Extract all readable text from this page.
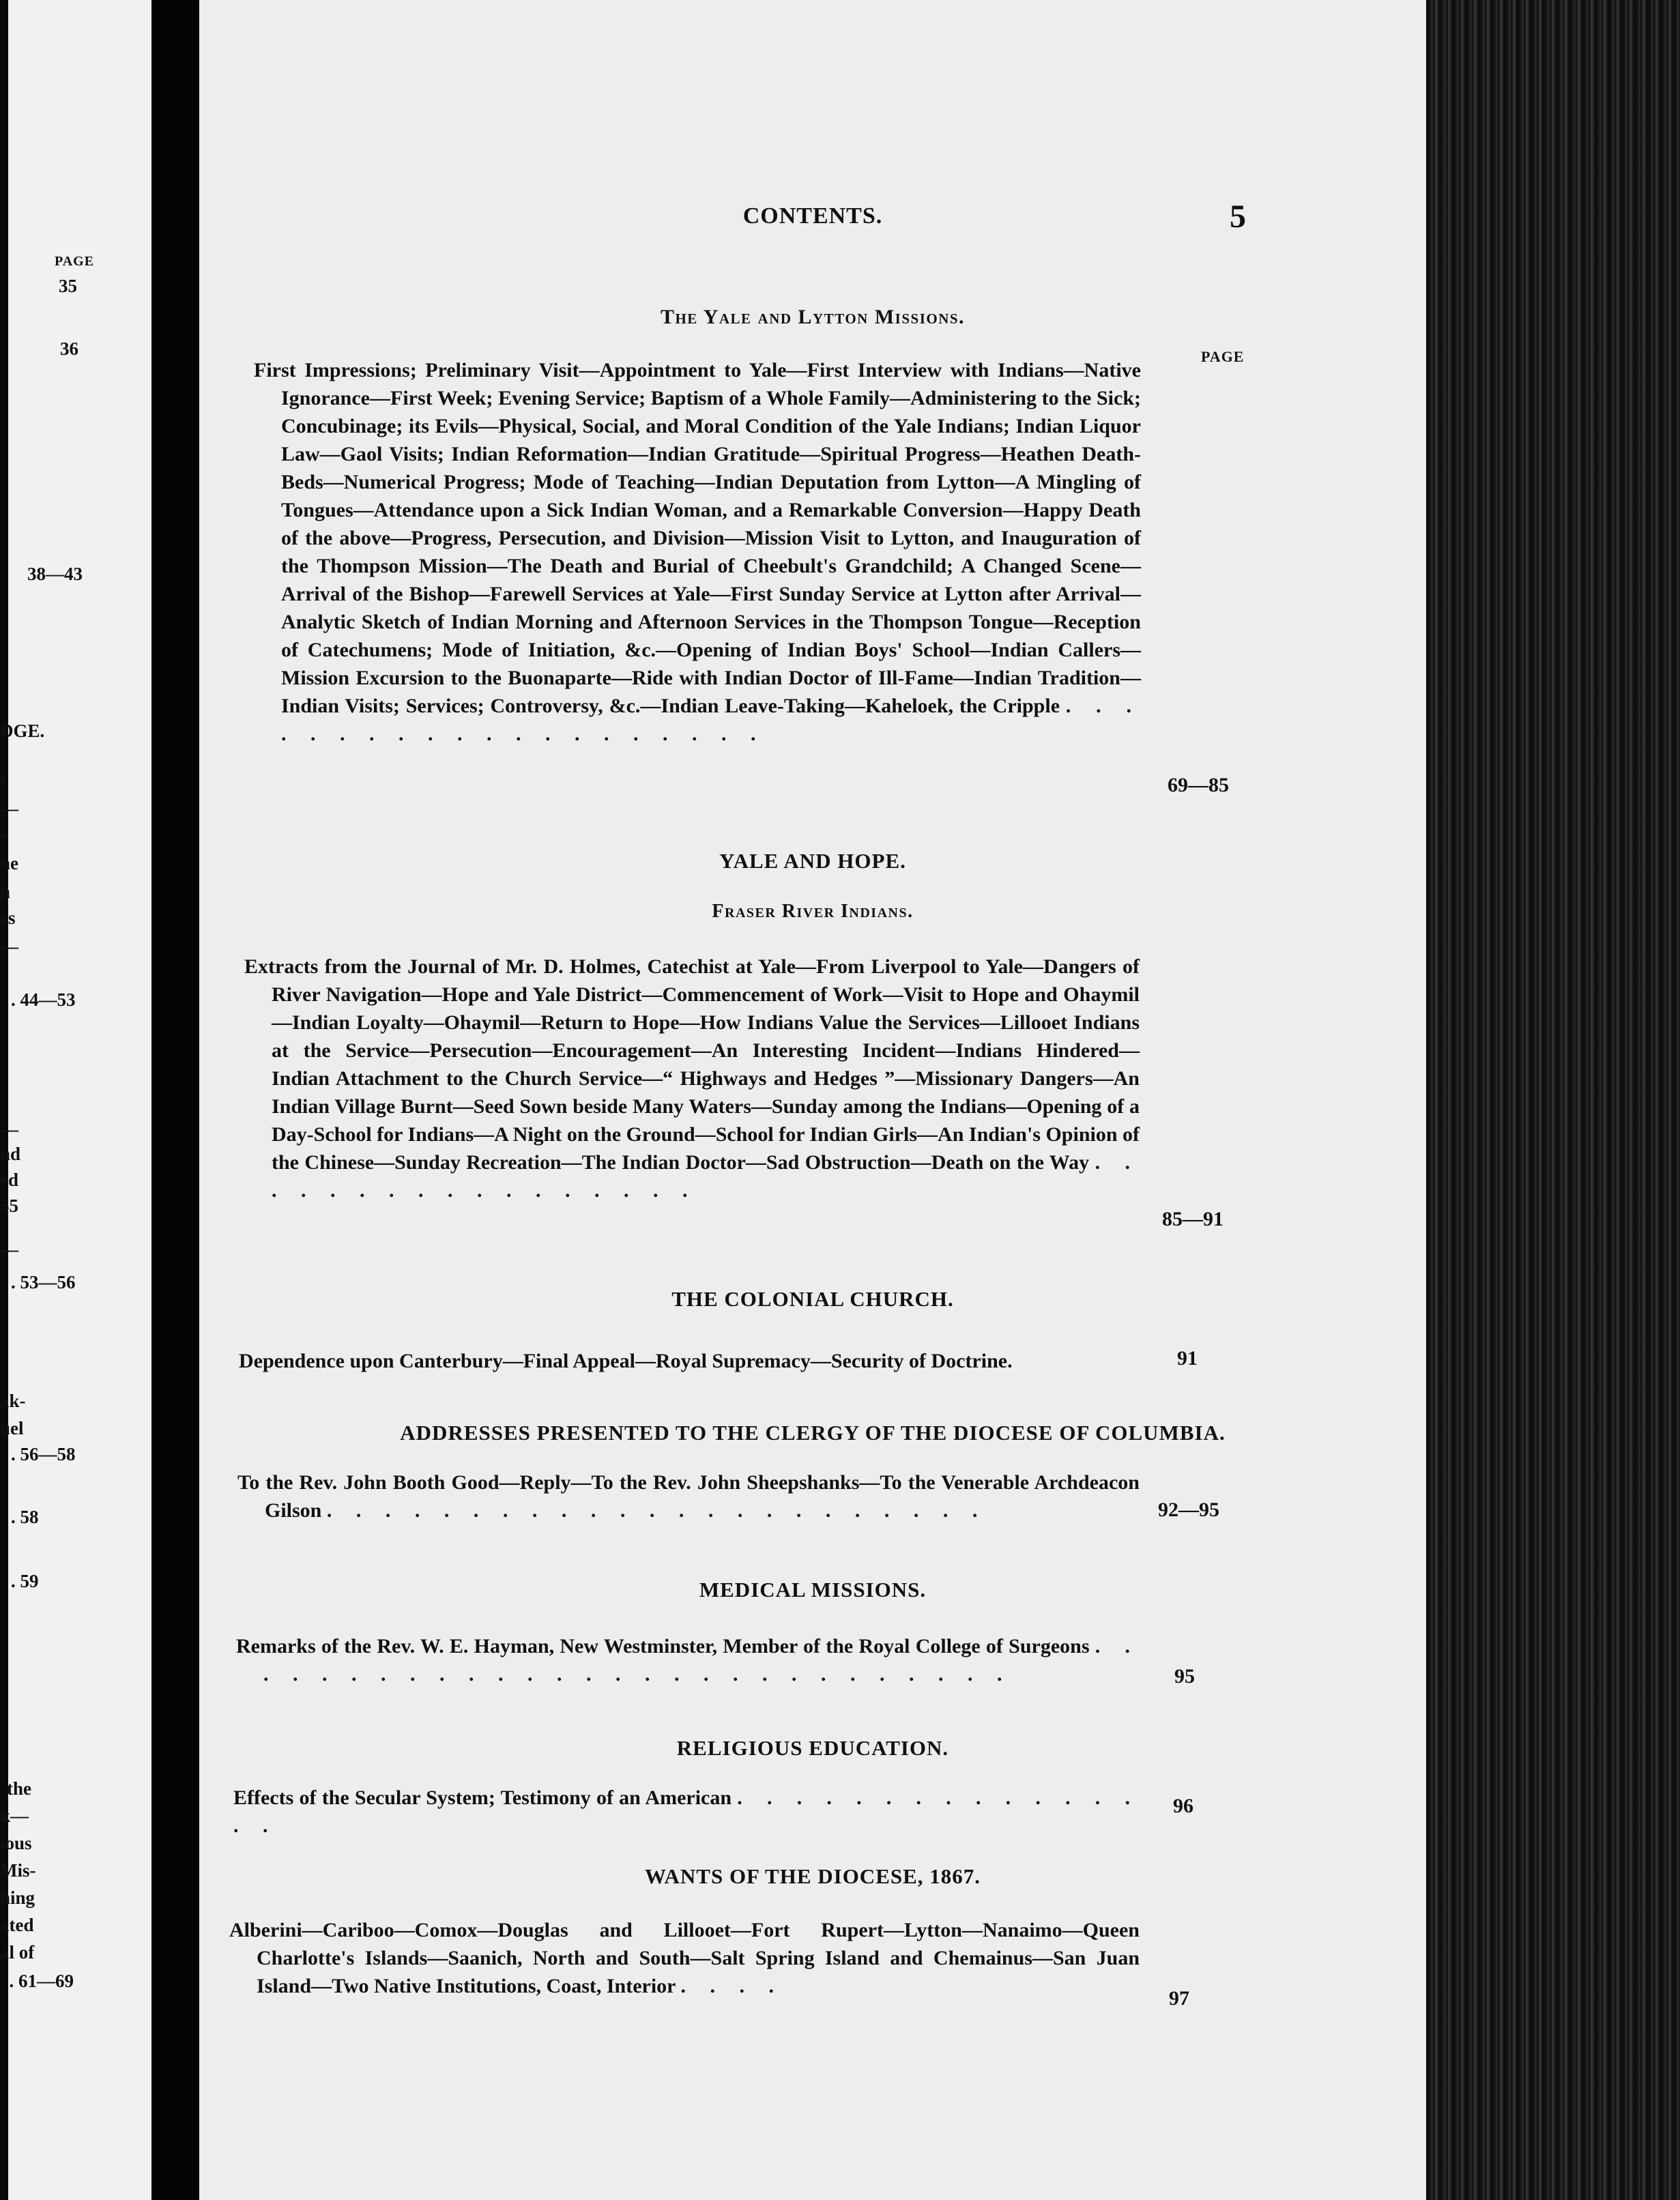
PAGE
35
36
38—43
DGE.
t
—
e
ne
n
rs
—
. 44—53
—
nd
ed
55
—
. 53—56
ak-
uel
. 56—58
. 58
. 59
the
k—
ious
Mis-
hing
ated
al of
. . 61—69
CONTENTS.	5
PAGE
The Yale and Lytton Missions.
First Impressions; Preliminary Visit—Appointment to Yale—First Interview with Indians—Native Ignorance—First Week; Evening Service; Baptism of a Whole Family—Administering to the Sick; Concubinage; its Evils—Physical, Social, and Moral Condition of the Yale Indians; Indian Liquor Law—Gaol Visits; Indian Reformation—Indian Gratitude—Spiritual Progress—Heathen Death-Beds—Numerical Progress; Mode of Teaching—Indian Deputation from Lytton—A Mingling of Tongues—Attendance upon a Sick Indian Woman, and a Remarkable Conversion—Happy Death of the above—Progress, Persecution, and Division—Mission Visit to Lytton, and Inauguration of the Thompson Mission—The Death and Burial of Cheebult's Grandchild; A Changed Scene—Arrival of the Bishop—Farewell Services at Yale—First Sunday Service at Lytton after Arrival—Analytic Sketch of Indian Morning and Afternoon Services in the Thompson Tongue—Reception of Catechumens; Mode of Initiation, &c.—Opening of Indian Boys' School—Indian Callers—Mission Excursion to the Buonaparte—Ride with Indian Doctor of Ill-Fame—Indian Tradition—Indian Visits; Services; Controversy, &c.—Indian Leave-Taking—Kaheloek, the Cripple . . . . . . . . . . . . . . . . . . . .
69—85
YALE AND HOPE.
Fraser River Indians.
Extracts from the Journal of Mr. D. Holmes, Catechist at Yale—From Liverpool to Yale—Dangers of River Navigation—Hope and Yale District—Commencement of Work—Visit to Hope and Ohaymil—Indian Loyalty—Ohaymil—Return to Hope—How Indians Value the Services—Lillooet Indians at the Service—Persecution—Encouragement—An Interesting Incident—Indians Hindered—Indian Attachment to the Church Service—“ Highways and Hedges ”—Missionary Dangers—An Indian Village Burnt—Seed Sown beside Many Waters—Sunday among the Indians—Opening of a Day-School for Indians—A Night on the Ground—School for Indian Girls—An Indian's Opinion of the Chinese—Sunday Recreation—The Indian Doctor—Sad Obstruction—Death on the Way . . . . . . . . . . . . . . . . .
85—91
THE COLONIAL CHURCH.
Dependence upon Canterbury—Final Appeal—Royal Supremacy—Security of Doctrine.	91
ADDRESSES PRESENTED TO THE CLERGY OF THE DIOCESE OF COLUMBIA.
To the Rev. John Booth Good—Reply—To the Rev. John Sheepshanks—To the Venerable Archdeacon Gilson . . . . . . . . . . . . . . . . . . . . . . .	92—95
MEDICAL MISSIONS.
Remarks of the Rev. W. E. Hayman, New Westminster, Member of the Royal College of Surgeons . . . . . . . . . . . . . . . . . . . . . . . . . . . .	95
RELIGIOUS EDUCATION.
Effects of the Secular System; Testimony of an American . . . . . . . . . . . . . . . .
96
WANTS OF THE DIOCESE, 1867.
Alberini—Cariboo—Comox—Douglas and Lillooet—Fort Rupert—Lytton—Nanaimo—Queen Charlotte's Islands—Saanich, North and South—Salt Spring Island and Chemainus—San Juan Island—Two Native Institutions, Coast, Interior . . . .
97
